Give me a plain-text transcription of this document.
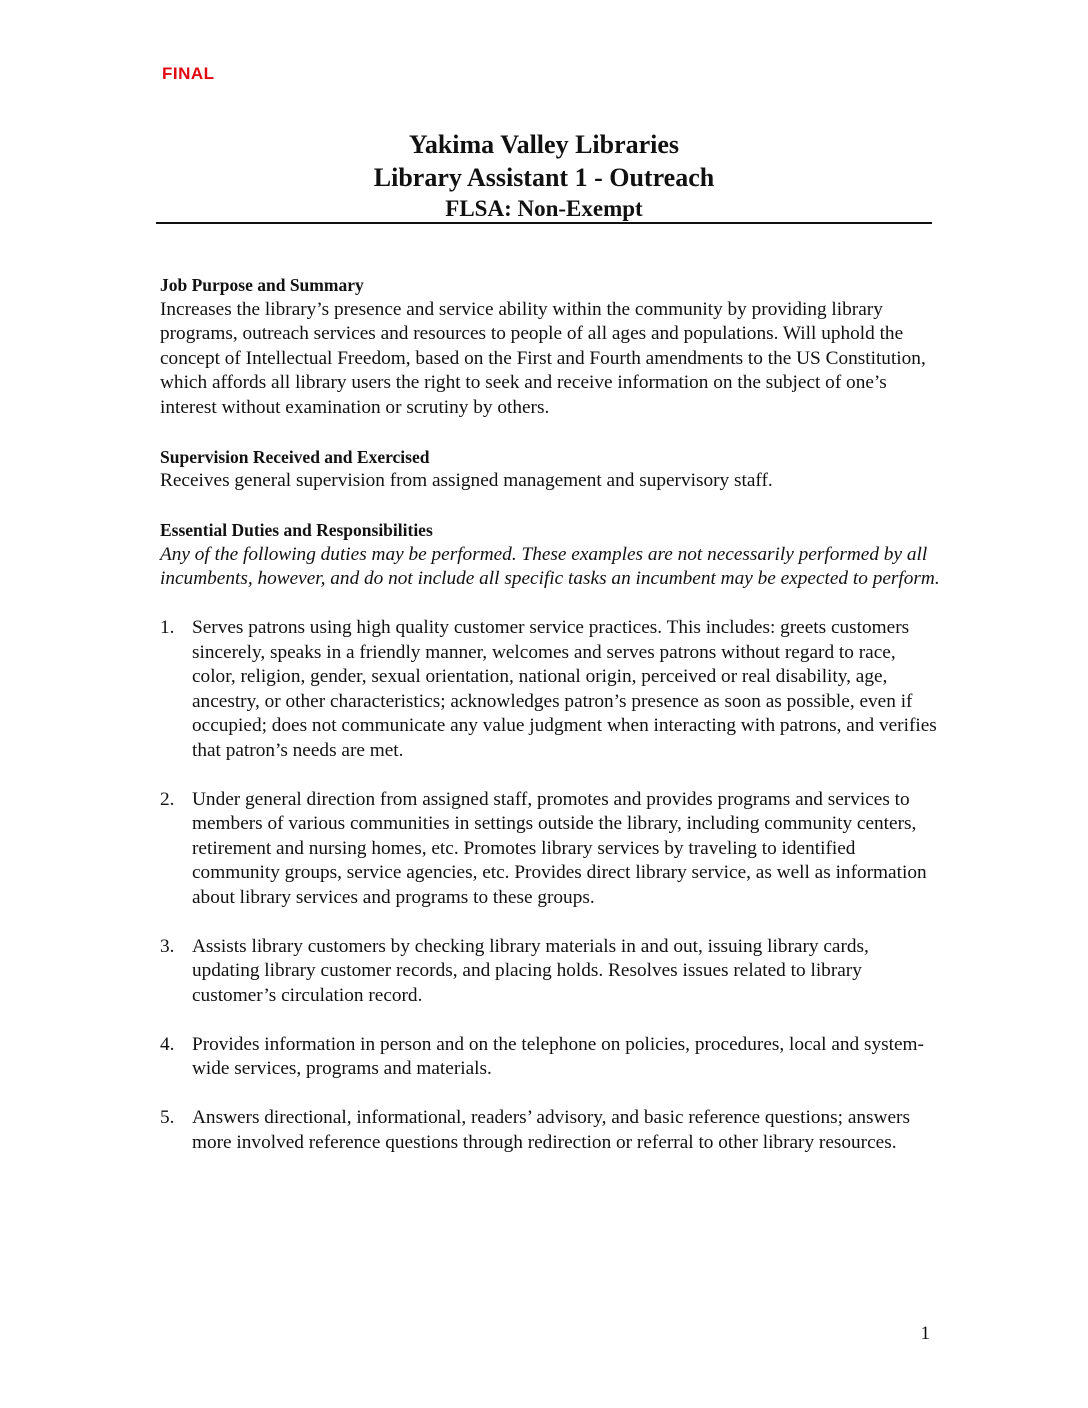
FINAL
Yakima Valley Libraries
Library Assistant 1 - Outreach
FLSA: Non-Exempt
Job Purpose and Summary
Increases the library’s presence and service ability within the community by providing library programs, outreach services and resources to people of all ages and populations. Will uphold the concept of Intellectual Freedom, based on the First and Fourth amendments to the US Constitution, which affords all library users the right to seek and receive information on the subject of one’s interest without examination or scrutiny by others.
Supervision Received and Exercised
Receives general supervision from assigned management and supervisory staff.
Essential Duties and Responsibilities
Any of the following duties may be performed. These examples are not necessarily performed by all incumbents, however, and do not include all specific tasks an incumbent may be expected to perform.
1. Serves patrons using high quality customer service practices. This includes: greets customers sincerely, speaks in a friendly manner, welcomes and serves patrons without regard to race, color, religion, gender, sexual orientation, national origin, perceived or real disability, age, ancestry, or other characteristics; acknowledges patron’s presence as soon as possible, even if occupied; does not communicate any value judgment when interacting with patrons, and verifies that patron’s needs are met.
2. Under general direction from assigned staff, promotes and provides programs and services to members of various communities in settings outside the library, including community centers, retirement and nursing homes, etc. Promotes library services by traveling to identified community groups, service agencies, etc. Provides direct library service, as well as information about library services and programs to these groups.
3. Assists library customers by checking library materials in and out, issuing library cards, updating library customer records, and placing holds. Resolves issues related to library customer’s circulation record.
4. Provides information in person and on the telephone on policies, procedures, local and system-wide services, programs and materials.
5. Answers directional, informational, readers’ advisory, and basic reference questions; answers more involved reference questions through redirection or referral to other library resources.
1
